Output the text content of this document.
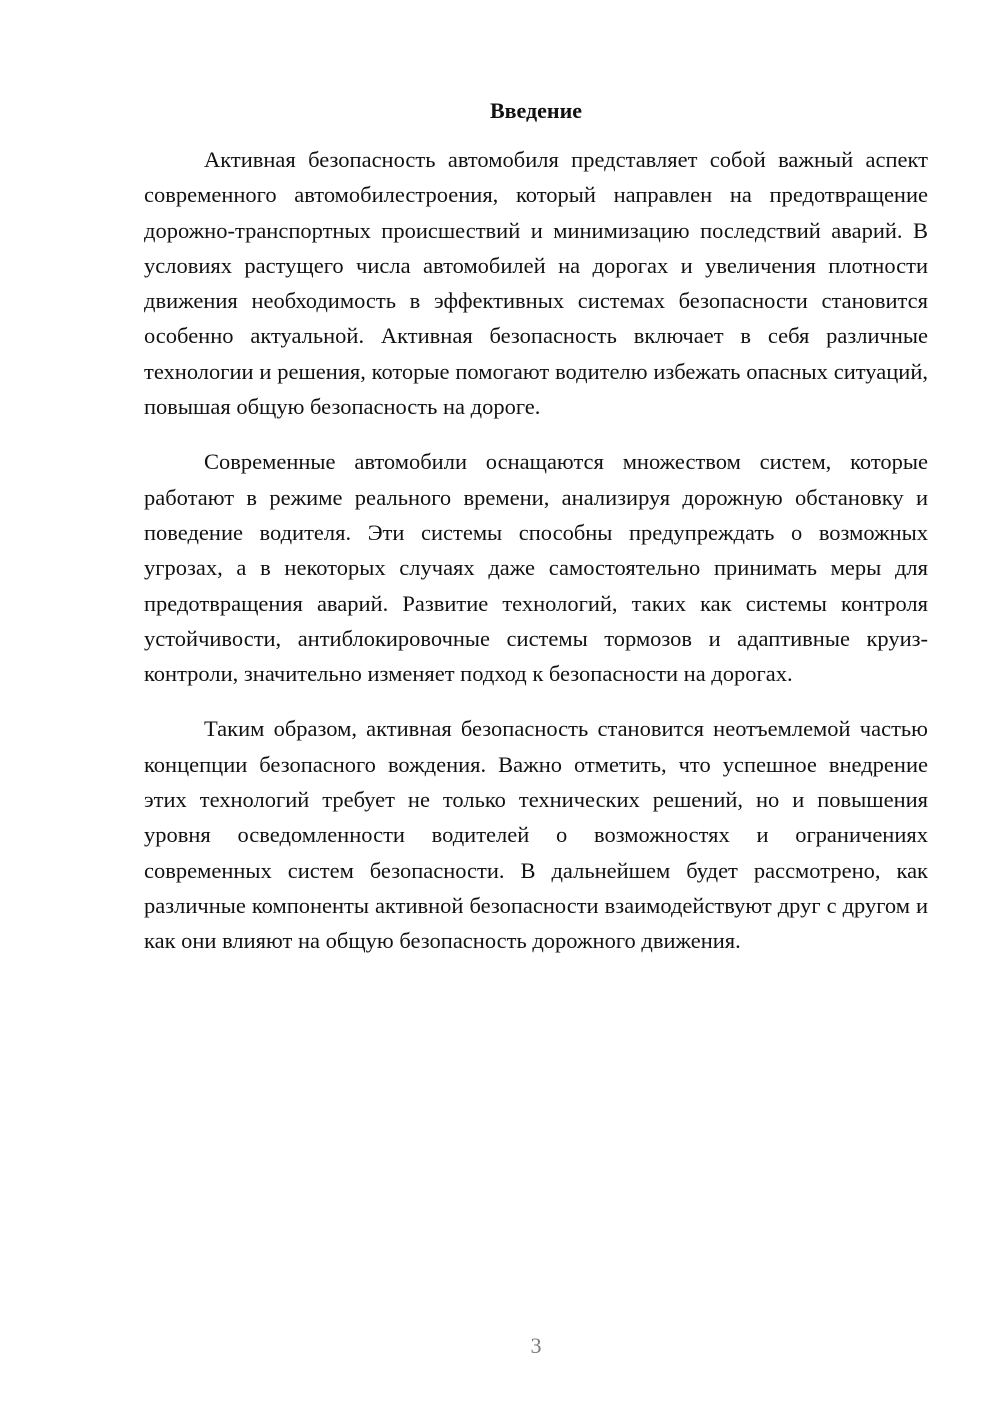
Введение

Активная безопасность автомобиля представляет собой важный аспект современного автомобилестроения, который направлен на предотвращение дорожно-транспортных происшествий и минимизацию последствий аварий. В условиях растущего числа автомобилей на дорогах и увеличения плотности движения необходимость в эффективных системах безопасности становится особенно актуальной. Активная безопасность включает в себя различные технологии и решения, которые помогают водителю избежать опасных ситуаций, повышая общую безопасность на дороге.

Современные автомобили оснащаются множеством систем, которые работают в режиме реального времени, анализируя дорожную обстановку и поведение водителя. Эти системы способны предупреждать о возможных угрозах, а в некоторых случаях даже самостоятельно принимать меры для предотвращения аварий. Развитие технологий, таких как системы контроля устойчивости, антиблокировочные системы тормозов и адаптивные круиз-контроли, значительно изменяет подход к безопасности на дорогах.

Таким образом, активная безопасность становится неотъемлемой частью концепции безопасного вождения. Важно отметить, что успешное внедрение этих технологий требует не только технических решений, но и повышения уровня осведомленности водителей о возможностях и ограничениях современных систем безопасности. В дальнейшем будет рассмотрено, как различные компоненты активной безопасности взаимодействуют друг с другом и как они влияют на общую безопасность дорожного движения.

3
